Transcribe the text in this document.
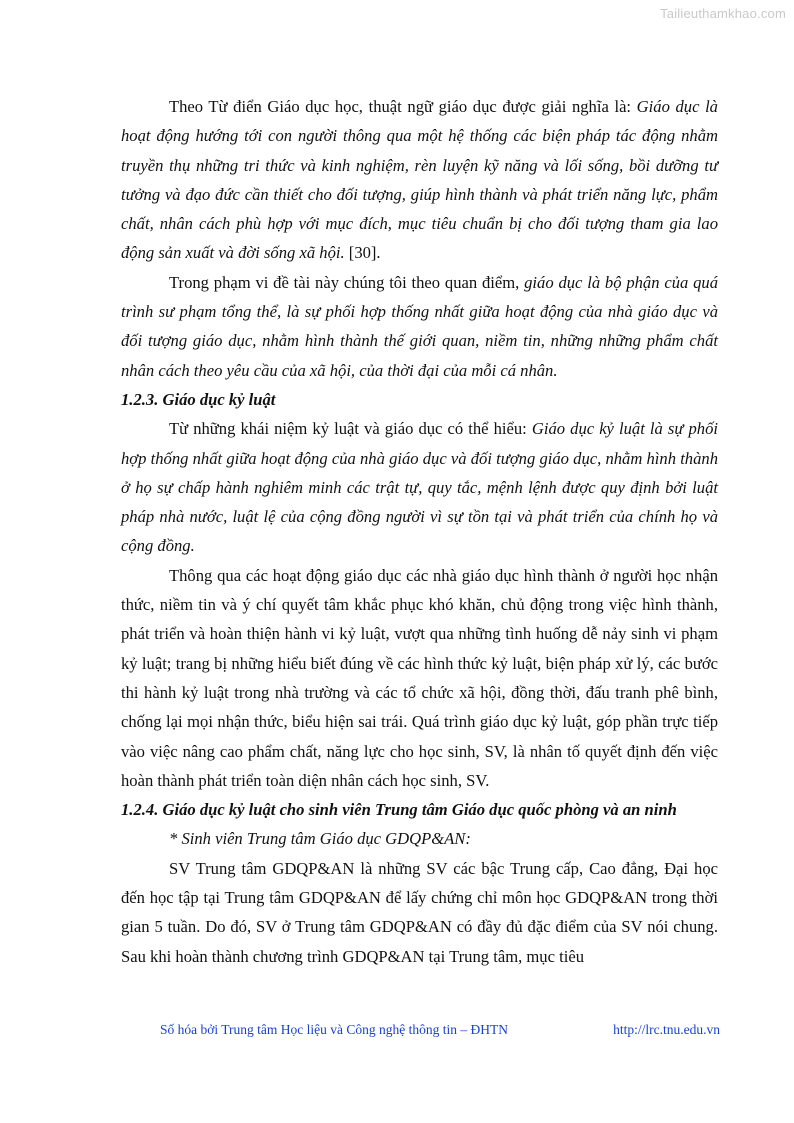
Tailieuthamkhao.com

Theo Từ điển Giáo dục học, thuật ngữ giáo dục được giải nghĩa là: Giáo dục là hoạt động hướng tới con người thông qua một hệ thống các biện pháp tác động nhằm truyền thụ những tri thức và kinh nghiệm, rèn luyện kỹ năng và lối sống, bồi dưỡng tư tưởng và đạo đức cần thiết cho đối tượng, giúp hình thành và phát triển năng lực, phẩm chất, nhân cách phù hợp với mục đích, mục tiêu chuẩn bị cho đối tượng tham gia lao động sản xuất và đời sống xã hội. [30].

Trong phạm vi đề tài này chúng tôi theo quan điểm, giáo dục là bộ phận của quá trình sư phạm tổng thể, là sự phối hợp thống nhất giữa hoạt động của nhà giáo dục và đối tượng giáo dục, nhằm hình thành thế giới quan, niềm tin, những những phẩm chất nhân cách theo yêu cầu của xã hội, của thời đại của mỗi cá nhân.

1.2.3. Giáo dục kỷ luật

Từ những khái niệm kỷ luật và giáo dục có thể hiểu: Giáo dục kỷ luật là sự phối hợp thống nhất giữa hoạt động của nhà giáo dục và đối tượng giáo dục, nhằm hình thành ở họ sự chấp hành nghiêm minh các trật tự, quy tắc, mệnh lệnh được quy định bởi luật pháp nhà nước, luật lệ của cộng đồng người vì sự tồn tại và phát triển của chính họ và cộng đồng.

Thông qua các hoạt động giáo dục các nhà giáo dục hình thành ở người học nhận thức, niềm tin và ý chí quyết tâm khắc phục khó khăn, chủ động trong việc hình thành, phát triển và hoàn thiện hành vi kỷ luật, vượt qua những tình huống dễ nảy sinh vi phạm kỷ luật; trang bị những hiểu biết đúng về các hình thức kỷ luật, biện pháp xử lý, các bước thi hành kỷ luật trong nhà trường và các tổ chức xã hội, đồng thời, đấu tranh phê bình, chống lại mọi nhận thức, biểu hiện sai trái. Quá trình giáo dục kỷ luật, góp phần trực tiếp vào việc nâng cao phẩm chất, năng lực cho học sinh, SV, là nhân tố quyết định đến việc hoàn thành phát triển toàn diện nhân cách học sinh, SV.

1.2.4. Giáo dục kỷ luật cho sinh viên Trung tâm Giáo dục quốc phòng và an ninh

* Sinh viên Trung tâm Giáo dục GDQP&AN:

SV Trung tâm GDQP&AN là những SV các bậc Trung cấp, Cao đẳng, Đại học đến học tập tại Trung tâm GDQP&AN để lấy chứng chỉ môn học GDQP&AN trong thời gian 5 tuần. Do đó, SV ở Trung tâm GDQP&AN có đầy đủ đặc điểm của SV nói chung. Sau khi hoàn thành chương trình GDQP&AN tại Trung tâm, mục tiêu

Số hóa bởi Trung tâm Học liệu và Công nghệ thông tin – ĐHTN	http://lrc.tnu.edu.vn
